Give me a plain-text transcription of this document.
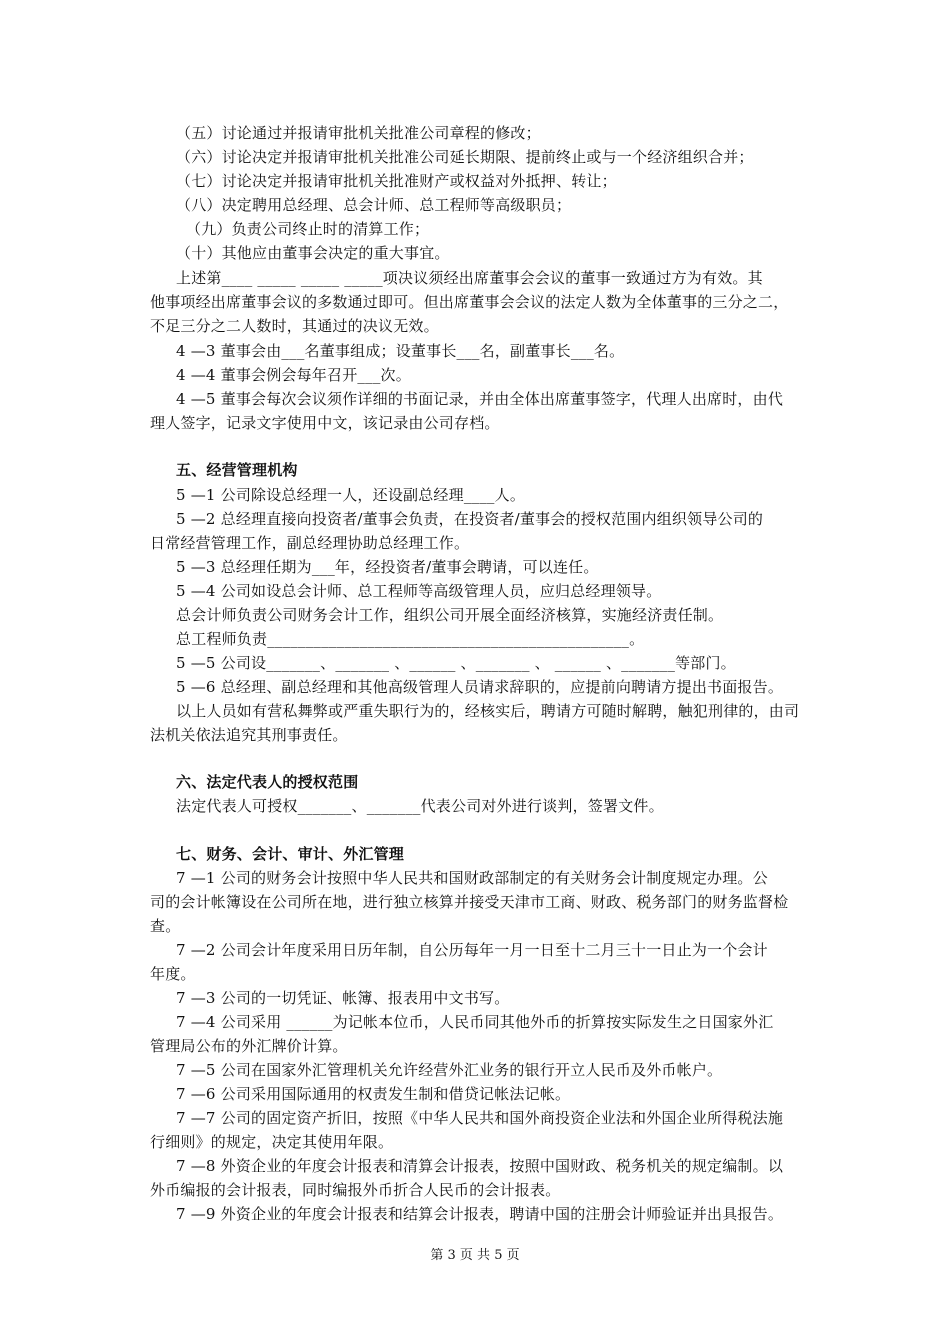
（五）讨论通过并报请审批机关批准公司章程的修改；
（六）讨论决定并报请审批机关批准公司延长期限、提前终止或与一个经济组织合并；
（七）讨论决定并报请审批机关批准财产或权益对外抵押、转让；
（八）决定聘用总经理、总会计师、总工程师等高级职员；
（九）负责公司终止时的清算工作；
（十）其他应由董事会决定的重大事宜。
上述第____ _____ _____ _____项决议须经出席董事会会议的董事一致通过方为有效。其
他事项经出席董事会议的多数通过即可。但出席董事会会议的法定人数为全体董事的三分之二，
不足三分之二人数时，其通过的决议无效。
4 —3 董事会由___名董事组成；设董事长___名，副董事长___名。
4 —4 董事会例会每年召开___次。
4 —5 董事会每次会议须作详细的书面记录，并由全体出席董事签字，代理人出席时，由代
理人签字，记录文字使用中文，该记录由公司存档。
五、经营管理机构
5 —1 公司除设总经理一人，还设副总经理____人。
5 —2 总经理直接向投资者/董事会负责，在投资者/董事会的授权范围内组织领导公司的
日常经营管理工作，副总经理协助总经理工作。
5 —3 总经理任期为___年，经投资者/董事会聘请，可以连任。
5 —4 公司如设总会计师、总工程师等高级管理人员，应归总经理领导。
总会计师负责公司财务会计工作，组织公司开展全面经济核算，实施经济责任制。
总工程师负责_______________________________________________。
5 —5 公司设_______、_______ 、______ 、_______ 、 ______ 、_______等部门。
5 —6 总经理、副总经理和其他高级管理人员请求辞职的，应提前向聘请方提出书面报告。
以上人员如有营私舞弊或严重失职行为的，经核实后，聘请方可随时解聘，触犯刑律的，由司
法机关依法追究其刑事责任。
六、法定代表人的授权范围
法定代表人可授权_______、_______代表公司对外进行谈判，签署文件。
七、财务、会计、审计、外汇管理
7 —1 公司的财务会计按照中华人民共和国财政部制定的有关财务会计制度规定办理。公
司的会计帐簿设在公司所在地，进行独立核算并接受天津市工商、财政、税务部门的财务监督检
查。
7 —2 公司会计年度采用日历年制，自公历每年一月一日至十二月三十一日止为一个会计
年度。
7 —3 公司的一切凭证、帐簿、报表用中文书写。
7 —4 公司采用 ______为记帐本位币，人民币同其他外币的折算按实际发生之日国家外汇
管理局公布的外汇牌价计算。
7 —5 公司在国家外汇管理机关允许经营外汇业务的银行开立人民币及外币帐户。
7 —6 公司采用国际通用的权责发生制和借贷记帐法记帐。
7 —7 公司的固定资产折旧，按照《中华人民共和国外商投资企业法和外国企业所得税法施
行细则》的规定，决定其使用年限。
7 —8 外资企业的年度会计报表和清算会计报表，按照中国财政、税务机关的规定编制。以
外币编报的会计报表，同时编报外币折合人民币的会计报表。
7 —9 外资企业的年度会计报表和结算会计报表，聘请中国的注册会计师验证并出具报告。
第 3 页 共 5 页
